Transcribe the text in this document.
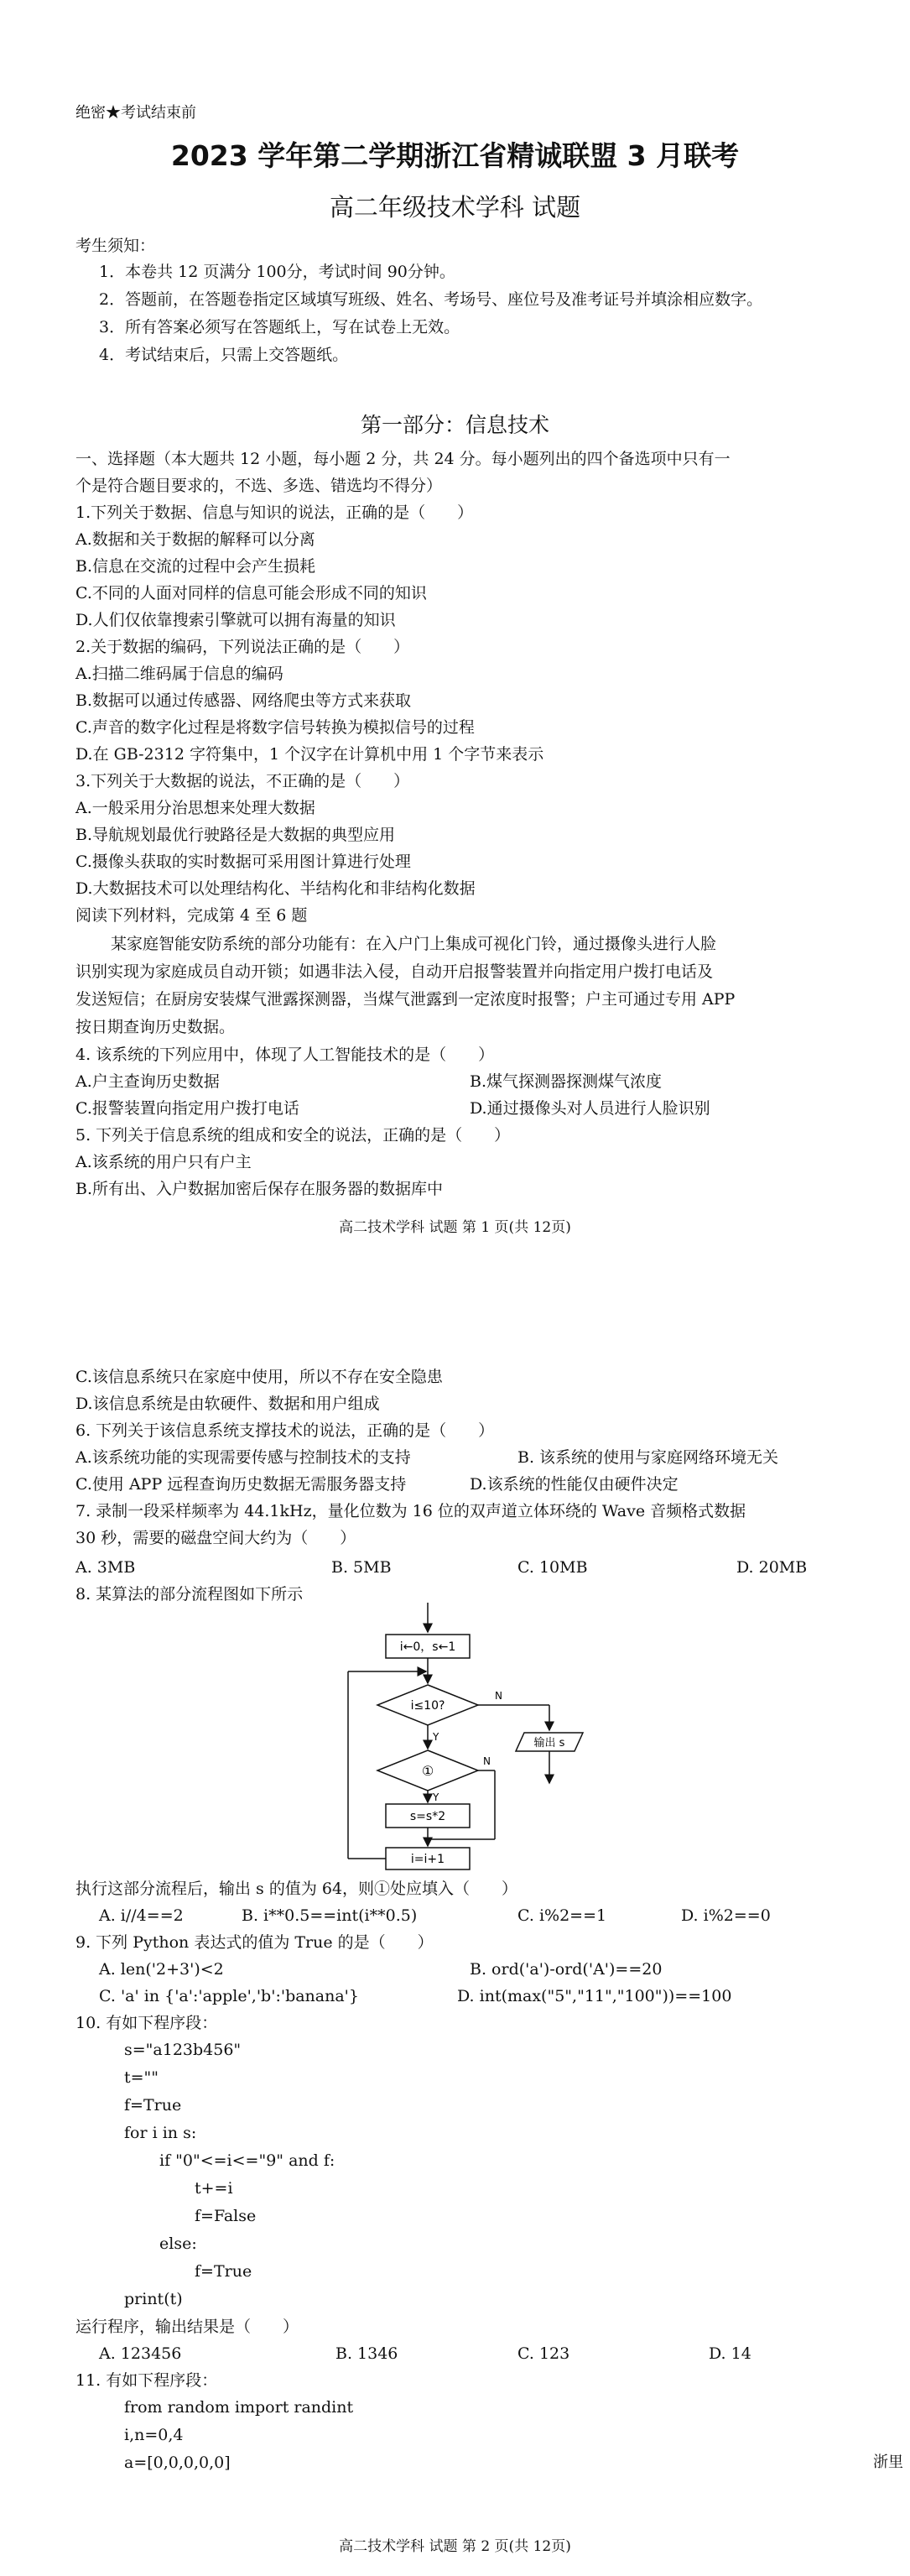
绝密★考试结束前
2023 学年第二学期浙江省精诚联盟 3 月联考
高二年级技术学科 试题
考生须知：
1．本卷共 12 页满分 100分，考试时间 90分钟。
2．答题前，在答题卷指定区域填写班级、姓名、考场号、座位号及准考证号并填涂相应数字。
3．所有答案必须写在答题纸上，写在试卷上无效。
4．考试结束后，只需上交答题纸。
第一部分：信息技术
一、选择题（本大题共 12 小题，每小题 2 分，共 24 分。每小题列出的四个备选项中只有一
个是符合题目要求的，不选、多选、错选均不得分）
1.下列关于数据、信息与知识的说法，正确的是（　　）
A.数据和关于数据的解释可以分离
B.信息在交流的过程中会产生损耗
C.不同的人面对同样的信息可能会形成不同的知识
D.人们仅依靠搜索引擎就可以拥有海量的知识
2.关于数据的编码，下列说法正确的是（　　）
A.扫描二维码属于信息的编码
B.数据可以通过传感器、网络爬虫等方式来获取
C.声音的数字化过程是将数字信号转换为模拟信号的过程
D.在 GB-2312 字符集中，1 个汉字在计算机中用 1 个字节来表示
3.下列关于大数据的说法，不正确的是（　　）
A.一般采用分治思想来处理大数据
B.导航规划最优行驶路径是大数据的典型应用
C.摄像头获取的实时数据可采用图计算进行处理
D.大数据技术可以处理结构化、半结构化和非结构化数据
阅读下列材料，完成第 4 至 6 题
某家庭智能安防系统的部分功能有：在入户门上集成可视化门铃，通过摄像头进行人脸
识别实现为家庭成员自动开锁；如遇非法入侵，自动开启报警装置并向指定用户拨打电话及
发送短信；在厨房安装煤气泄露探测器，当煤气泄露到一定浓度时报警；户主可通过专用 APP
按日期查询历史数据。
4. 该系统的下列应用中，体现了人工智能技术的是（　　）
A.户主查询历史数据	B.煤气探测器探测煤气浓度
C.报警装置向指定用户拨打电话	D.通过摄像头对人员进行人脸识别
5. 下列关于信息系统的组成和安全的说法，正确的是（　　）
A.该系统的用户只有户主
B.所有出、入户数据加密后保存在服务器的数据库中
高二技术学科 试题 第 1 页(共 12页)
C.该信息系统只在家庭中使用，所以不存在安全隐患
D.该信息系统是由软硬件、数据和用户组成
6. 下列关于该信息系统支撑技术的说法，正确的是（　　）
A.该系统功能的实现需要传感与控制技术的支持	B. 该系统的使用与家庭网络环境无关
C.使用 APP 远程查询历史数据无需服务器支持	D.该系统的性能仅由硬件决定
7. 录制一段采样频率为 44.1kHz，量化位数为 16 位的双声道立体环绕的 Wave 音频格式数据
30 秒，需要的磁盘空间大约为（　　）
A. 3MB	B. 5MB	C. 10MB	D. 20MB
8. 某算法的部分流程图如下所示
i←0，s←1
i≤10?
N
输出 s
Y
①
N
Y
s=s*2
i=i+1
执行这部分流程后，输出 s 的值为 64，则①处应填入（　　）
A. i//4==2	B. i**0.5==int(i**0.5)	C. i%2==1	D. i%2==0
9. 下列 Python 表达式的值为 True 的是（　　）
A. len('2+3')<2	B. ord('a')-ord('A')==20
C. 'a' in {'a':'apple','b':'banana'}	D. int(max("5","11","100"))==100
10. 有如下程序段：
s="a123b456"
t=""
f=True
for i in s:
if "0"<=i<="9" and f:
t+=i
f=False
else:
f=True
print(t)
运行程序，输出结果是（　　）
A. 123456	B. 1346	C. 123	D. 14
11. 有如下程序段：
from random import randint
i,n=0,4
a=[0,0,0,0,0]	浙里
高二技术学科 试题 第 2 页(共 12页)
